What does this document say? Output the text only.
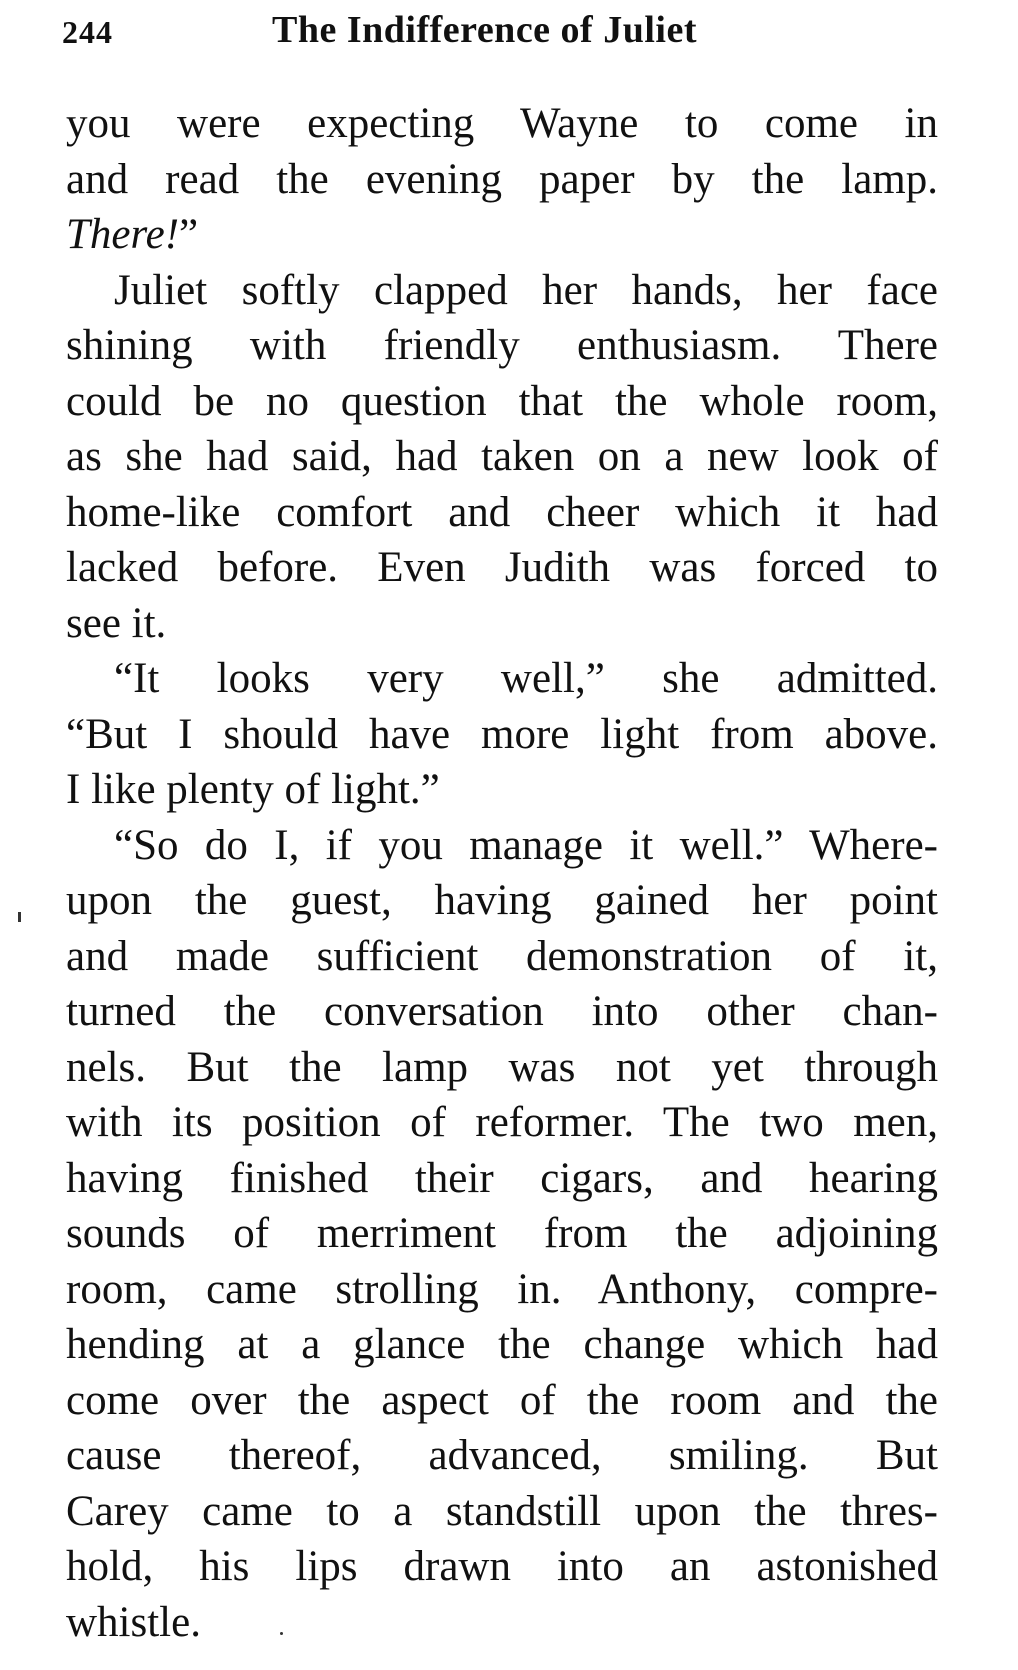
244	The Indifference of Juliet
you were expecting Wayne to come in
and read the evening paper by the lamp.
There!”
Juliet softly clapped her hands, her face
shining with friendly enthusiasm. There
could be no question that the whole room,
as she had said, had taken on a new look of
home-like comfort and cheer which it had
lacked before. Even Judith was forced to
see it.
“It looks very well,” she admitted.
“But I should have more light from above.
I like plenty of light.”
“So do I, if you manage it well.” Where-
upon the guest, having gained her point
and made sufficient demonstration of it,
turned the conversation into other chan-
nels. But the lamp was not yet through
with its position of reformer. The two men,
having finished their cigars, and hearing
sounds of merriment from the adjoining
room, came strolling in. Anthony, compre-
hending at a glance the change which had
come over the aspect of the room and the
cause thereof, advanced, smiling. But
Carey came to a standstill upon the thres-
hold, his lips drawn into an astonished
whistle.
